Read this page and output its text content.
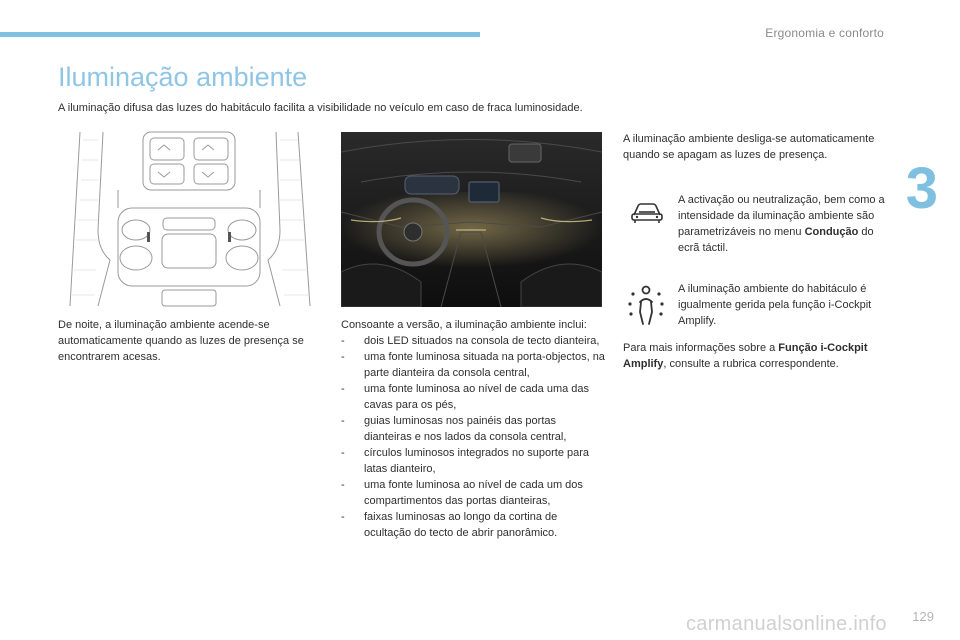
Ergonomia e conforto
3
Iluminação ambiente
A iluminação difusa das luzes do habitáculo facilita a visibilidade no veículo em caso de fraca luminosidade.

De noite, a iluminação ambiente acende-se automaticamente quando as luzes de presença se encontrarem acesas.

Consoante a versão, a iluminação ambiente inclui:

- dois LED situados na consola de tecto dianteira,
- uma fonte luminosa situada na porta-objectos, na parte dianteira da consola central,
- uma fonte luminosa ao nível de cada uma das cavas para os pés,
- guias luminosas nos painéis das portas dianteiras e nos lados da consola central,
- círculos luminosos integrados no suporte para latas dianteiro,
- uma fonte luminosa ao nível de cada um dos compartimentos das portas dianteiras,
- faixas luminosas ao longo da cortina de ocultação do tecto de abrir panorâmico.

A iluminação ambiente desliga-se automaticamente quando se apagam as luzes de presença.

A activação ou neutralização, bem como a intensidade da iluminação ambiente são parametrizáveis no menu Condução do ecrã táctil.

A iluminação ambiente do habitáculo é igualmente gerida pela função i-Cockpit Amplify.

Para mais informações sobre a Função i-Cockpit Amplify, consulte a rubrica correspondente.

129
carmanualsonline.info
